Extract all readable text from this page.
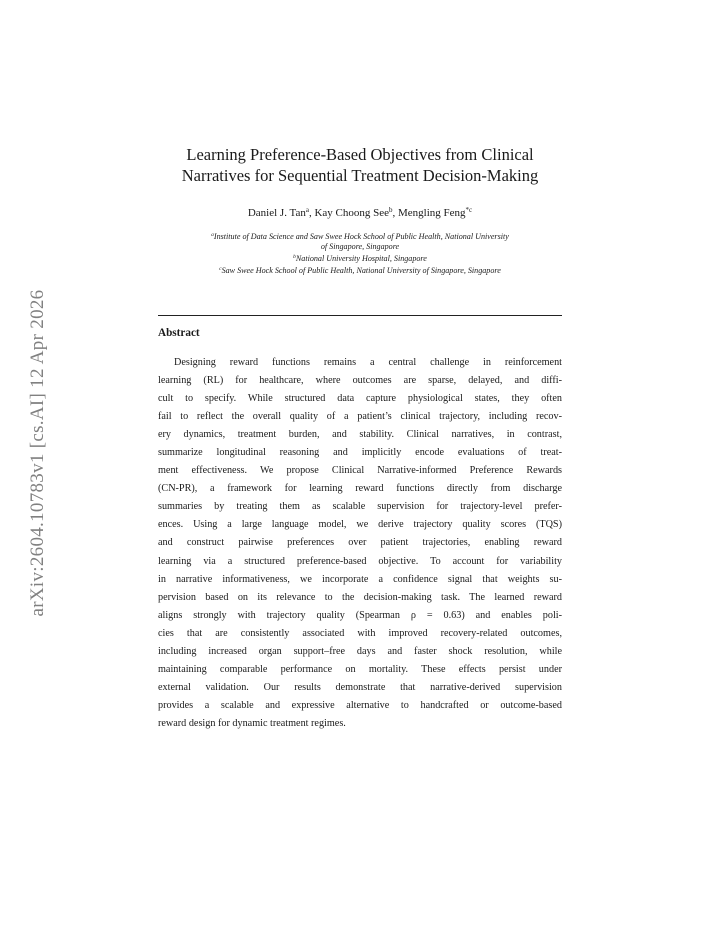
arXiv:2604.10783v1 [cs.AI] 12 Apr 2026
Learning Preference-Based Objectives from Clinical
Narratives for Sequential Treatment Decision-Making
Daniel J. Tan$^a$, Kay Choong See$^b$, Mengling Feng$^{*c}$
$^a$Institute of Data Science and Saw Swee Hock School of Public Health, National University
of Singapore, Singapore
$^b$National University Hospital, Singapore
$^c$Saw Swee Hock School of Public Health, National University of Singapore, Singapore
Abstract
Designing reward functions remains a central challenge in reinforcement
learning (RL) for healthcare, where outcomes are sparse, delayed, and diffi-
cult to specify. While structured data capture physiological states, they often
fail to reflect the overall quality of a patient’s clinical trajectory, including recov-
ery dynamics, treatment burden, and stability. Clinical narratives, in contrast,
summarize longitudinal reasoning and implicitly encode evaluations of treat-
ment effectiveness. We propose Clinical Narrative-informed Preference Rewards
(CN-PR), a framework for learning reward functions directly from discharge
summaries by treating them as scalable supervision for trajectory-level prefer-
ences. Using a large language model, we derive trajectory quality scores (TQS)
and construct pairwise preferences over patient trajectories, enabling reward
learning via a structured preference-based objective. To account for variability
in narrative informativeness, we incorporate a confidence signal that weights su-
pervision based on its relevance to the decision-making task. The learned reward
aligns strongly with trajectory quality (Spearman ρ = 0.63) and enables poli-
cies that are consistently associated with improved recovery-related outcomes,
including increased organ support–free days and faster shock resolution, while
maintaining comparable performance on mortality. These effects persist under
external validation. Our results demonstrate that narrative-derived supervision
provides a scalable and expressive alternative to handcrafted or outcome-based
reward design for dynamic treatment regimes.
